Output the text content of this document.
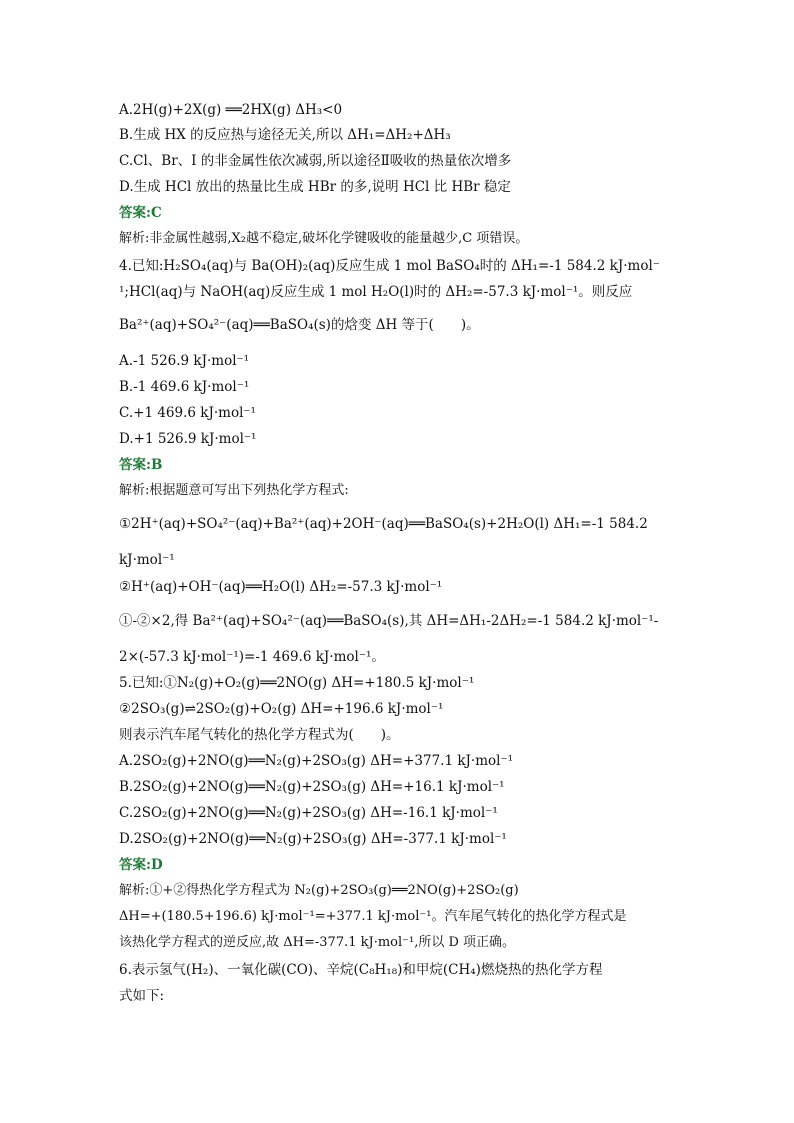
A.2H(g)+2X(g) ══2HX(g) ΔH₃<0
B.生成 HX 的反应热与途径无关,所以 ΔH₁=ΔH₂+ΔH₃
C.Cl、Br、I 的非金属性依次减弱,所以途径Ⅱ吸收的热量依次增多
D.生成 HCl 放出的热量比生成 HBr 的多,说明 HCl 比 HBr 稳定
答案:C
解析:非金属性越弱,X₂越不稳定,破坏化学键吸收的能量越少,C 项错误。
4.已知:H₂SO₄(aq)与 Ba(OH)₂(aq)反应生成 1 mol BaSO₄时的 ΔH₁=-1 584.2 kJ·mol⁻
¹;HCl(aq)与 NaOH(aq)反应生成 1 mol H₂O(l)时的 ΔH₂=-57.3 kJ·mol⁻¹。则反应
Ba²⁺(aq)+SO₄²⁻(aq)══BaSO₄(s)的焓变 ΔH 等于(　　)。
A.-1 526.9 kJ·mol⁻¹
B.-1 469.6 kJ·mol⁻¹
C.+1 469.6 kJ·mol⁻¹
D.+1 526.9 kJ·mol⁻¹
答案:B
解析:根据题意可写出下列热化学方程式:
①2H⁺(aq)+SO₄²⁻(aq)+Ba²⁺(aq)+2OH⁻(aq)══BaSO₄(s)+2H₂O(l) ΔH₁=-1 584.2
kJ·mol⁻¹
②H⁺(aq)+OH⁻(aq)══H₂O(l) ΔH₂=-57.3 kJ·mol⁻¹
①-②×2,得 Ba²⁺(aq)+SO₄²⁻(aq)══BaSO₄(s),其 ΔH=ΔH₁-2ΔH₂=-1 584.2 kJ·mol⁻¹-
2×(-57.3 kJ·mol⁻¹)=-1 469.6 kJ·mol⁻¹。
5.已知:①N₂(g)+O₂(g)══2NO(g) ΔH=+180.5 kJ·mol⁻¹
②2SO₃(g)⇌2SO₂(g)+O₂(g) ΔH=+196.6 kJ·mol⁻¹
则表示汽车尾气转化的热化学方程式为(　　)。
A.2SO₂(g)+2NO(g)══N₂(g)+2SO₃(g) ΔH=+377.1 kJ·mol⁻¹
B.2SO₂(g)+2NO(g)══N₂(g)+2SO₃(g) ΔH=+16.1 kJ·mol⁻¹
C.2SO₂(g)+2NO(g)══N₂(g)+2SO₃(g) ΔH=-16.1 kJ·mol⁻¹
D.2SO₂(g)+2NO(g)══N₂(g)+2SO₃(g) ΔH=-377.1 kJ·mol⁻¹
答案:D
解析:①+②得热化学方程式为 N₂(g)+2SO₃(g)══2NO(g)+2SO₂(g)
ΔH=+(180.5+196.6) kJ·mol⁻¹=+377.1 kJ·mol⁻¹。汽车尾气转化的热化学方程式是
该热化学方程式的逆反应,故 ΔH=-377.1 kJ·mol⁻¹,所以 D 项正确。
6.表示氢气(H₂)、一氧化碳(CO)、辛烷(C₈H₁₈)和甲烷(CH₄)燃烧热的热化学方程
式如下:
